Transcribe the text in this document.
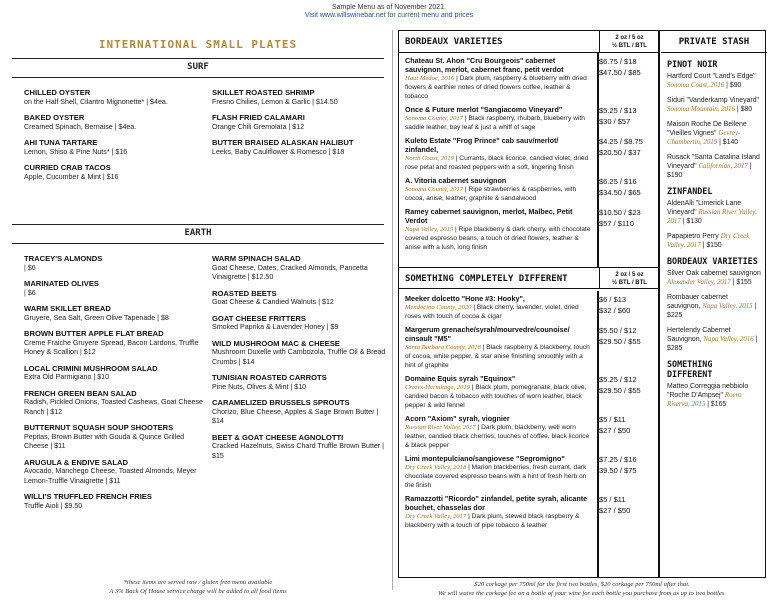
Sample Menu as of November 2021.
Visit www.willswinebar.net for current menu and prices
INTERNATIONAL SMALL PLATES
SURF
CHILLED OYSTER
on the Half Shell, Cilantro Mignonette* | $4ea.
BAKED OYSTER
Creamed Spinach, Bernaise | $4ea.
AHI TUNA TARTARE
Lemon, Shiso & Pine Nuts* | $16
CURRIED CRAB TACOS
Apple, Cucumber & Mint | $16
SKILLET ROASTED SHRIMP
Fresno Chilies, Lemon & Garlic | $14.50
FLASH FRIED CALAMARI
Orange Chili Gremolata | $12
BUTTER BRAISED ALASKAN HALIBUT
Leeks, Baby Cauliflower & Romesco | $18
EARTH
TRACEY'S ALMONDS
| $6
MARINATED OLIVES
| $6
WARM SKILLET BREAD
Gruyere, Sea Salt, Green Olive Tapenade | $8
BROWN BUTTER APPLE FLAT BREAD
Creme Fraiche Gruyere Spread, Bacon Lardons, Truffle Honey & Scallion | $12
LOCAL CRIMINI MUSHROOM SALAD
Extra Old Parmigiano | $10
FRENCH GREEN BEAN SALAD
Radish, Pickled Onions, Toasted Cashews, Goat Cheese Ranch | $12
BUTTERNUT SQUASH SOUP SHOOTERS
Pepitas, Brown Butter with Gouda & Quince Grilled Cheese | $11
ARUGULA & ENDIVE SALAD
Avocado, Manchego Cheese, Toasted Almonds, Meyer Lemon-Truffle Vinaigrette | $11
WILLI'S TRUFFLED FRENCH FRIES
Truffle Aioli | $9.50
WARM SPINACH SALAD
Goat Cheese, Dates, Cracked Almonds, Pancetta Vinaigrette | $12.50
ROASTED BEETS
Goat Cheese & Candied Walnuts | $12
GOAT CHEESE FRITTERS
Smoked Paprika & Lavender Honey | $9
WILD MUSHROOM MAC & CHEESE
Mushroom Duxelle with Cambozola, Truffle Oil & Bread Crumbs | $14
TUNISIAN ROASTED CARROTS
Pine Nuts, Olives & Mint | $10
CARAMELIZED BRUSSELS SPROUTS
Chorizo, Blue Cheese, Apples & Sage Brown Butter | $14
BEET & GOAT CHEESE AGNOLOTTI
Cracked Hazelnuts, Swiss Chard Truffle Brown Butter | $15
*these items are served raw / gluten free menu available
A 3% Back Of House service charge will be added to all food items
BORDEAUX VARIETIES	2 oz / 5 oz
½ BTL / BTL
Chateau St. Ahon "Cru Bourgeois" cabernet sauvignon, merlot, cabernet franc, petit verdot
Haut Medoc, 2016 | Dark plum, raspberry & blueberry with dried flowers & earthier notes of dried flowers coffee, leather & tobacco
$6.75 / $18
$47.50 / $85
Once & Future merlot "Sangiacomo Vineyard"
Sonoma County, 2017 | Black raspberry, rhubarb, blueberry with saddle leather, bay leaf & just a whiff of sage
$5.25 / $13
$30 / $57
Kuleto Estate "Frog Prince" cab sauv/merlot/ zinfandel,
North Coast, 2019 | Currants, black licorice, candied violet, dried rose petal and roasted peppers with a soft, lingering finish
$4.25 / $8.75
$20.50 / $37
A. Vitoria cabernet sauvignon
Sonoma County, 2017 | Ripe strawberries & raspberries, with cocoa, anise, leather, graphite & sandalwood
$6.25 / $16
$34.50 / $65
Ramey cabernet sauvignon, merlot, Malbec, Petit Verdot
Napa Valley, 2015 | Ripe blackberry & dark cherry, with chocolate covered espresso beans, a touch of dried flowers, leather & anise with a lush, long finish
$10.50 / $23
$57 / $110
SOMETHING COMPLETELY DIFFERENT	2 oz / 5 oz
½ BTL / BTL
Meeker dolcetto "Hone #3: Hooky",
Mendocino County, 2020 | Black cherry, lavender, violet, dried roses with touch of cocoa & cigar
$6 / $13
$32 / $60
Margerum grenache/syrah/mourvedre/counoise/ cinsault "M5"
Santa Barbara County, 2018 | Black raspberry & blackberry, touch of cocoa, white pepper, & star anise finishing smoothly with a hint of graphite
$5.50 / $12
$29.50 / $55
Domaine Equis syrah "Equinox"
Crozes-Hermitage, 2019 | Black plum, pomegranate, black olive, candied bacon & tobacco with touches of worn leather, black pepper & wild fennel
$5.25 / $12
$29.50 / $55
Acorn "Axiom" syrah, viognier
Russian River Valley, 2017 | Dark plum, blackberry, well worn leather, candied black cherries, touches of coffee, black licorice & black pepper
$5 / $11
$27 / $50
Limi montepulciano/sangiovese "Segromigno"
Dry Creek Valley, 2018 | Marion blackberries, fresh currant, dark chocolate covered espresso beans with a hint of fresh herb on the finish
$7.25 / $16
39.50 / $75
Ramazzotti "Ricordo" zinfandel, petite syrah, alicante bouchet, chasselas dor
Dry Creek Valley, 2017 | Dark plum, stewed black raspberry & blackberry with a touch of pipe tobacco & leather
$5 / $11
$27 / $50
PRIVATE STASH
PINOT NOIR
Hartford Court "Land's Edge" Sonoma Coast, 2016 | $90
Siduri "Vanderkamp Vineyard" Sonoma Mountain, 2016 | $80
Maison Roche De Bellene "Vieilles Vignes" Gevrey-Chambertin, 2019 | $140
Rusack "Santa Catalina Island Vineyard" Californian, 2017 | $190
ZINFANDEL
AldenAlli "Limerick Lane Vineyard" Russian River Valley, 2017 | $130
Papapietro Perry Dry Creek Valley, 2017 | $150
BORDEAUX VARIETIES
Silver Oak cabernet sauvignon Alexander Valley, 2017 | $155
Rombauer cabernet sauvignon, Napa Valley, 2015 | $225
Hertelendy Cabernet Sauvignon, Napa Valley, 2016 | $285
SOMETHING DIFFERENT
Matteo Correggia nebbiolo "Roche D'Ampsej" Roero Riserva, 2015 | $165
$20 corkage per 750ml for the first two bottles, $20 corkage per 750ml after that.
We will waive the corkage fee on a bottle of your wine for each bottle you purchase from us up to two bottles.
